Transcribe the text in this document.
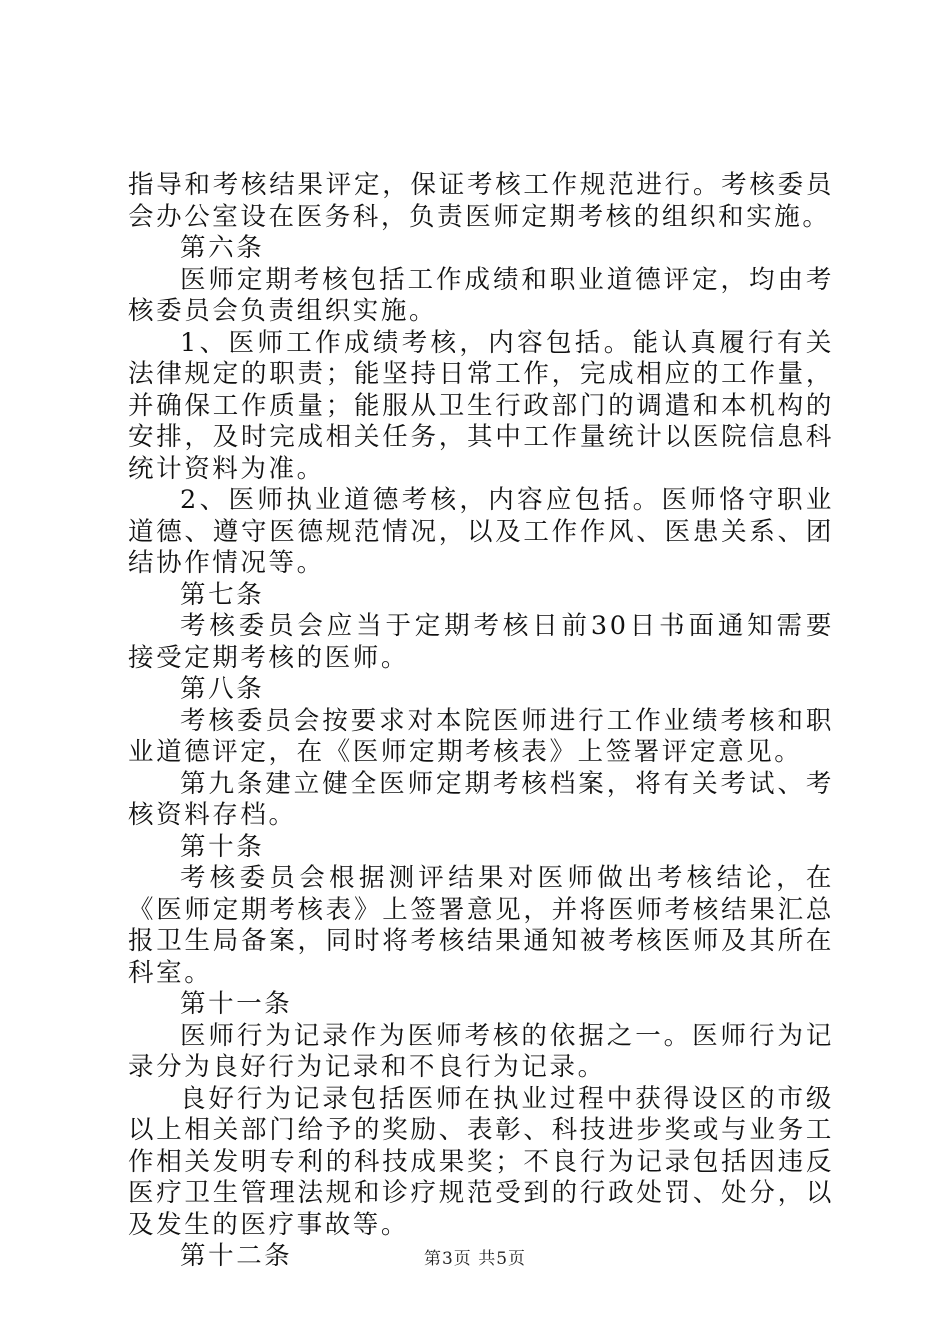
指导和考核结果评定，保证考核工作规范进行。考核委员会办公室设在医务科，负责医师定期考核的组织和实施。

第六条

医师定期考核包括工作成绩和职业道德评定，均由考核委员会负责组织实施。

1、医师工作成绩考核，内容包括。能认真履行有关法律规定的职责；能坚持日常工作，完成相应的工作量，并确保工作质量；能服从卫生行政部门的调遣和本机构的安排，及时完成相关任务，其中工作量统计以医院信息科统计资料为准。

2、医师执业道德考核，内容应包括。医师恪守职业道德、遵守医德规范情况，以及工作作风、医患关系、团结协作情况等。

第七条

考核委员会应当于定期考核日前30日书面通知需要接受定期考核的医师。

第八条

考核委员会按要求对本院医师进行工作业绩考核和职业道德评定，在《医师定期考核表》上签署评定意见。

第九条建立健全医师定期考核档案，将有关考试、考核资料存档。

第十条

考核委员会根据测评结果对医师做出考核结论，在《医师定期考核表》上签署意见，并将医师考核结果汇总报卫生局备案，同时将考核结果通知被考核医师及其所在科室。

第十一条

医师行为记录作为医师考核的依据之一。医师行为记录分为良好行为记录和不良行为记录。

良好行为记录包括医师在执业过程中获得设区的市级以上相关部门给予的奖励、表彰、科技进步奖或与业务工作相关发明专利的科技成果奖；不良行为记录包括因违反医疗卫生管理法规和诊疗规范受到的行政处罚、处分，以及发生的医疗事故等。

第十二条	第3页 共5页
